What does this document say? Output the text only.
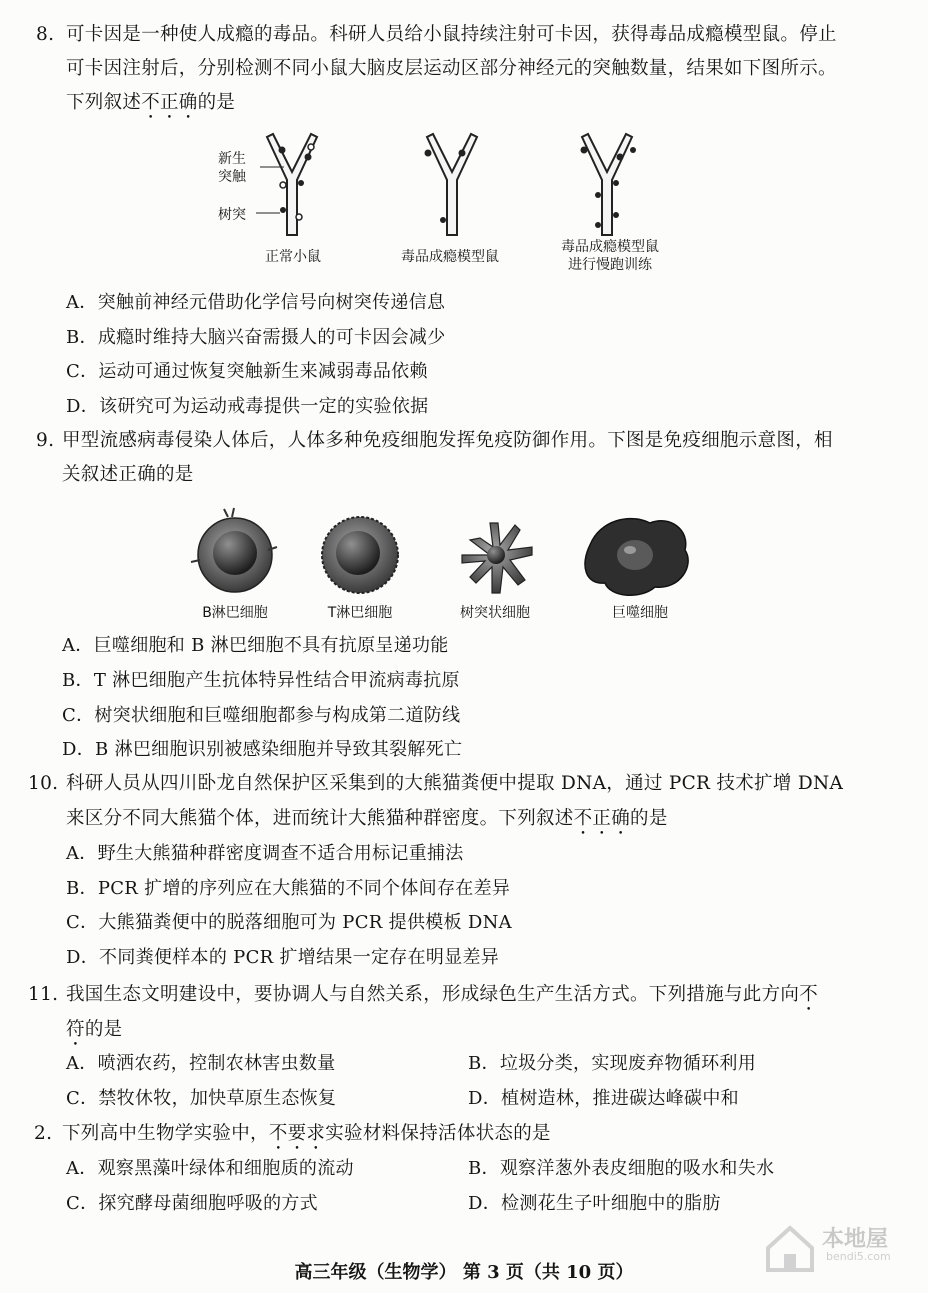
8. 可卡因是一种使人成瘾的毒品。科研人员给小鼠持续注射可卡因，获得毒品成瘾模型鼠。停止
可卡因注射后，分别检测不同小鼠大脑皮层运动区部分神经元的突触数量，结果如下图所示。
下列叙述不正确的是
新生
突触
树突
正常小鼠	毒品成瘾模型鼠
毒品成瘾模型鼠
进行慢跑训练
A．突触前神经元借助化学信号向树突传递信息
B．成瘾时维持大脑兴奋需摄人的可卡因会减少
C．运动可通过恢复突触新生来减弱毒品依赖
D．该研究可为运动戒毒提供一定的实验依据
9. 甲型流感病毒侵染人体后，人体多种免疫细胞发挥免疫防御作用。下图是免疫细胞示意图，相
关叙述正确的是
B淋巴细胞	T淋巴细胞	树突状细胞	巨噬细胞
A．巨噬细胞和 B 淋巴细胞不具有抗原呈递功能
B．T 淋巴细胞产生抗体特异性结合甲流病毒抗原
C．树突状细胞和巨噬细胞都参与构成第二道防线
D．B 淋巴细胞识别被感染细胞并导致其裂解死亡
10. 科研人员从四川卧龙自然保护区采集到的大熊猫粪便中提取 DNA，通过 PCR 技术扩增 DNA
来区分不同大熊猫个体，进而统计大熊猫种群密度。下列叙述不正确的是
A．野生大熊猫种群密度调查不适合用标记重捕法
B．PCR 扩增的序列应在大熊猫的不同个体间存在差异
C．大熊猫粪便中的脱落细胞可为 PCR 提供模板 DNA
D．不同粪便样本的 PCR 扩增结果一定存在明显差异
11. 我国生态文明建设中，要协调人与自然关系，形成绿色生产生活方式。下列措施与此方向不
符的是
A．喷洒农药，控制农林害虫数量	B．垃圾分类，实现废弃物循环利用
C．禁牧休牧，加快草原生态恢复	D．植树造林，推进碳达峰碳中和
2. 下列高中生物学实验中，不要求实验材料保持活体状态的是
A．观察黑藻叶绿体和细胞质的流动	B．观察洋葱外表皮细胞的吸水和失水
C．探究酵母菌细胞呼吸的方式	D．检测花生子叶细胞中的脂肪
本地屋
bendi5.com
高三年级（生物学） 第 3 页（共 10 页）
